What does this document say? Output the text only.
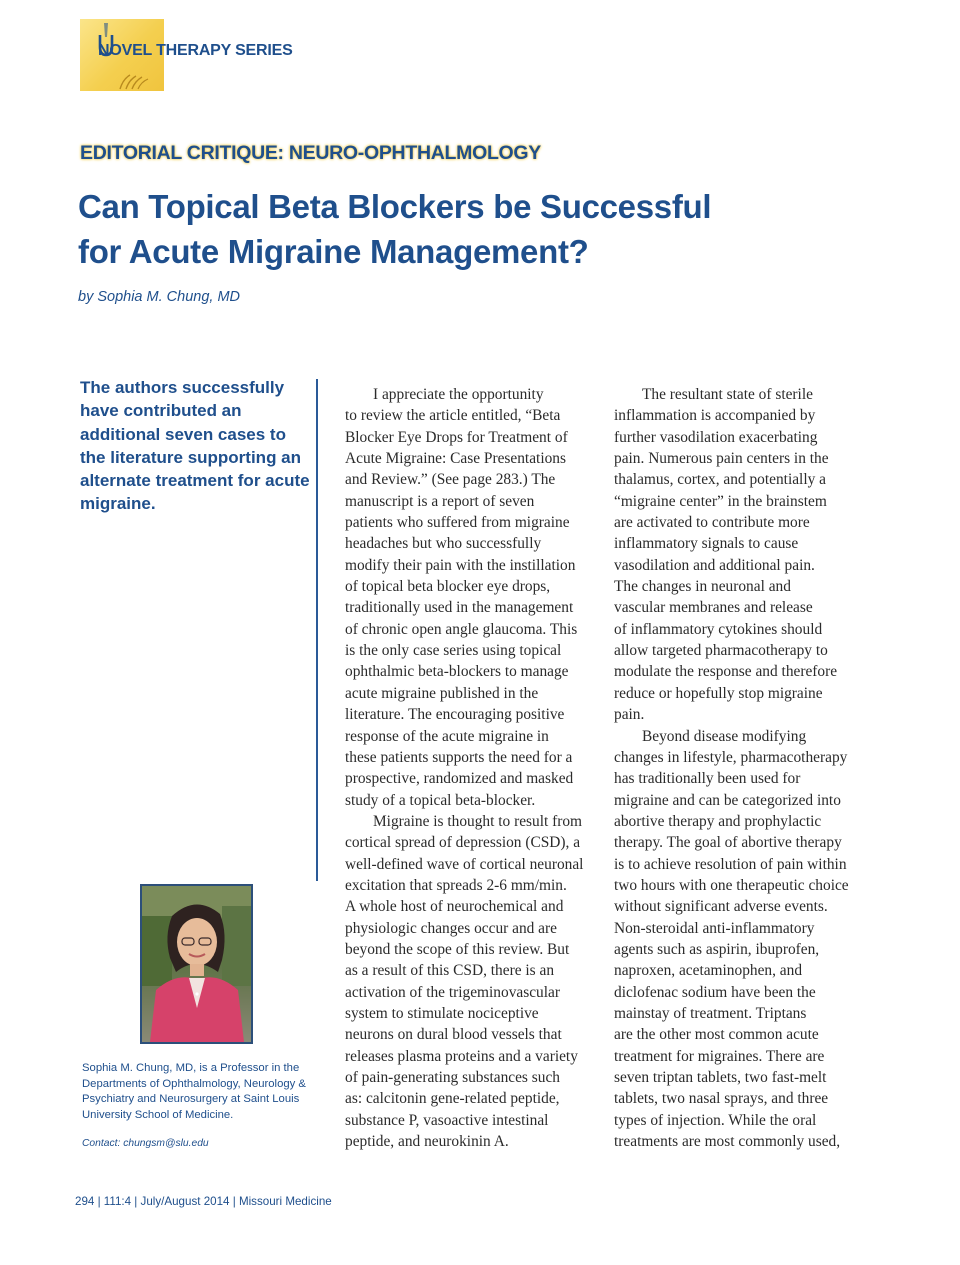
NOVEL THERAPY SERIES
EDITORIAL CRITIQUE: NEURO-OPHTHALMOLOGY
Can Topical Beta Blockers be Successful
for Acute Migraine Management?
by Sophia M. Chung, MD

The authors successfully have contributed an additional seven cases to the literature supporting an alternate treatment for acute migraine.

Sophia M. Chung, MD, is a Professor in the Departments of Ophthalmology, Neurology & Psychiatry and Neurosurgery at Saint Louis University School of Medicine.

Contact: chungsm@slu.edu
I appreciate the opportunity
to review the article entitled, “Beta
Blocker Eye Drops for Treatment of
Acute Migraine: Case Presentations
and Review.” (See page 283.) The
manuscript is a report of seven
patients who suffered from migraine
headaches but who successfully
modify their pain with the instillation
of topical beta blocker eye drops,
traditionally used in the management
of chronic open angle glaucoma. This
is the only case series using topical
ophthalmic beta-blockers to manage
acute migraine published in the
literature. The encouraging positive
response of the acute migraine in
these patients supports the need for a
prospective, randomized and masked
study of a topical beta-blocker.
Migraine is thought to result from
cortical spread of depression (CSD), a
well-defined wave of cortical neuronal
excitation that spreads 2-6 mm/min.
A whole host of neurochemical and
physiologic changes occur and are
beyond the scope of this review. But
as a result of this CSD, there is an
activation of the trigeminovascular
system to stimulate nociceptive
neurons on dural blood vessels that
releases plasma proteins and a variety
of pain-generating substances such
as: calcitonin gene-related peptide,
substance P, vasoactive intestinal
peptide, and neurokinin A.
The resultant state of sterile
inflammation is accompanied by
further vasodilation exacerbating
pain. Numerous pain centers in the
thalamus, cortex, and potentially a
“migraine center” in the brainstem
are activated to contribute more
inflammatory signals to cause
vasodilation and additional pain.
The changes in neuronal and
vascular membranes and release
of inflammatory cytokines should
allow targeted pharmacotherapy to
modulate the response and therefore
reduce or hopefully stop migraine
pain.
Beyond disease modifying
changes in lifestyle, pharmacotherapy
has traditionally been used for
migraine and can be categorized into
abortive therapy and prophylactic
therapy. The goal of abortive therapy
is to achieve resolution of pain within
two hours with one therapeutic choice
without significant adverse events.
Non-steroidal anti-inflammatory
agents such as aspirin, ibuprofen,
naproxen, acetaminophen, and
diclofenac sodium have been the
mainstay of treatment. Triptans
are the other most common acute
treatment for migraines. There are
seven triptan tablets, two fast-melt
tablets, two nasal sprays, and three
types of injection. While the oral
treatments are most commonly used,
294 | 111:4 | July/August 2014 | Missouri Medicine
